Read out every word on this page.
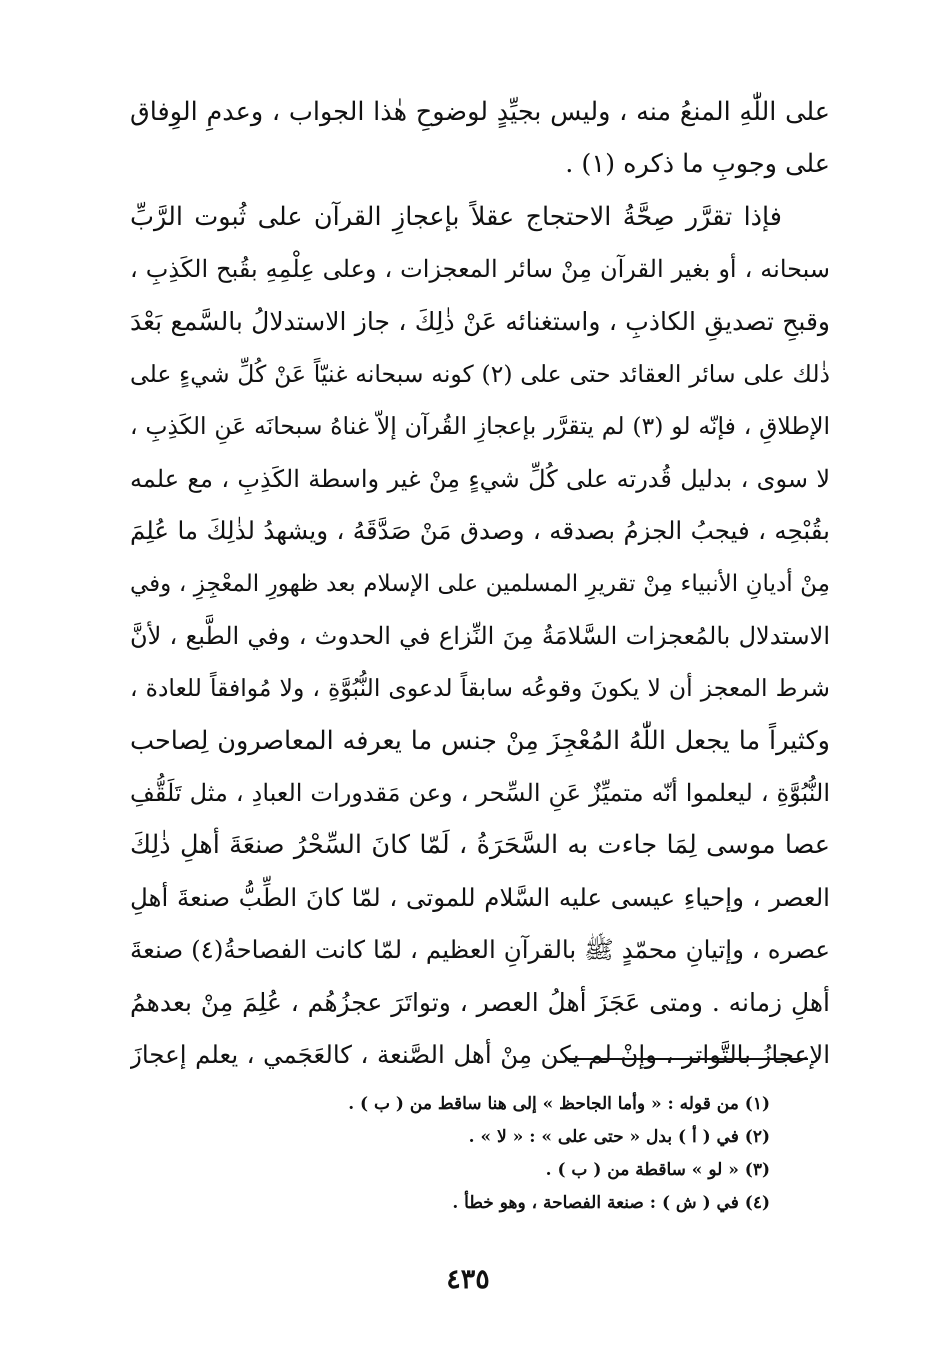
على اللّٰهِ المنعُ منه ، وليس بجيِّدٍ لوضوحِ هٰذا الجواب ، وعدمِ الوِفاق
على وجوبِ ما ذكره (١) .
فإذا تقرَّر صِحَّةُ الاحتجاج عقلاً بإعجازِ القرآن على ثُبوت الرَّبِّ
سبحانه ، أو بغير القرآن مِنْ سائر المعجزات ، وعلى عِلْمِهِ بقُبح الكَذِبِ ،
وقبحِ تصديقِ الكاذبِ ، واستغنائه عَنْ ذٰلِكَ ، جاز الاستدلالُ بالسَّمع بَعْدَ
ذٰلك على سائر العقائد حتى على (٢) كونه سبحانه غنيّاً عَنْ كُلِّ شيءٍ على
الإطلاقِ ، فإنّه لو (٣) لم يتقرَّر بإعجازِ القُرآن إلاّ غناهُ سبحانَه عَنِ الكَذِبِ ،
لا سوى ، بدليل قُدرته على كُلِّ شيءٍ مِنْ غير واسطة الكَذِبِ ، مع علمه
بقُبْحِه ، فيجبُ الجزمُ بصدقه ، وصدق مَنْ صَدَّقَهُ ، ويشهدُ لذٰلِكَ ما عُلِمَ
مِنْ أديانِ الأنبياء مِنْ تقريرِ المسلمين على الإسلام بعد ظهورِ المعْجِزِ ، وفي
الاستدلال بالمُعجزات السَّلامَةُ مِنَ النِّزاع في الحدوث ، وفي الطَّبع ، لأنَّ
شرط المعجز أن لا يكونَ وقوعُه سابقاً لدعوى النُّبُوَّةِ ، ولا مُوافقاً للعادة ،
وكثيراً ما يجعل اللّٰهُ المُعْجِزَ مِنْ جنس ما يعرفه المعاصرون لِصاحب
النُّبُوَّةِ ، ليعلموا أنّه متميِّزٌ عَنِ السِّحر ، وعن مَقدورات العبادِ ، مثل تَلَقُّفِ
عصا موسى لِمَا جاءت به السَّحَرَةُ ، لَمّا كانَ السِّحْرُ صنعَةَ أهلِ ذٰلِكَ
العصر ، وإحياءِ عيسى عليه السَّلام للموتى ، لمّا كانَ الطِّبُّ صنعةَ أهلِ
عصره ، وإتيانِ محمّدٍ ﷺ بالقرآنِ العظيم ، لمّا كانت الفصاحةُ(٤) صنعةَ
أهلِ زمانه . ومتى عَجَزَ أهلُ العصر ، وتواتَرَ عجزُهُم ، عُلِمَ مِنْ بعدهمُ
الإعجازُ بالتَّواتر ، وإنْ لم يكن مِنْ أهل الصَّنعة ، كالعَجَمي ، يعلم إعجازَ
(١) من قوله : « وأما الجاحظ » إلى هنا ساقط من ( ب ) .
(٢) في ( أ ) بدل « حتى على » : « لا » .
(٣) « لو » ساقطة من ( ب ) .
(٤) في ( ش ) : صنعة الفصاحة ، وهو خطأ .
٤٣٥
